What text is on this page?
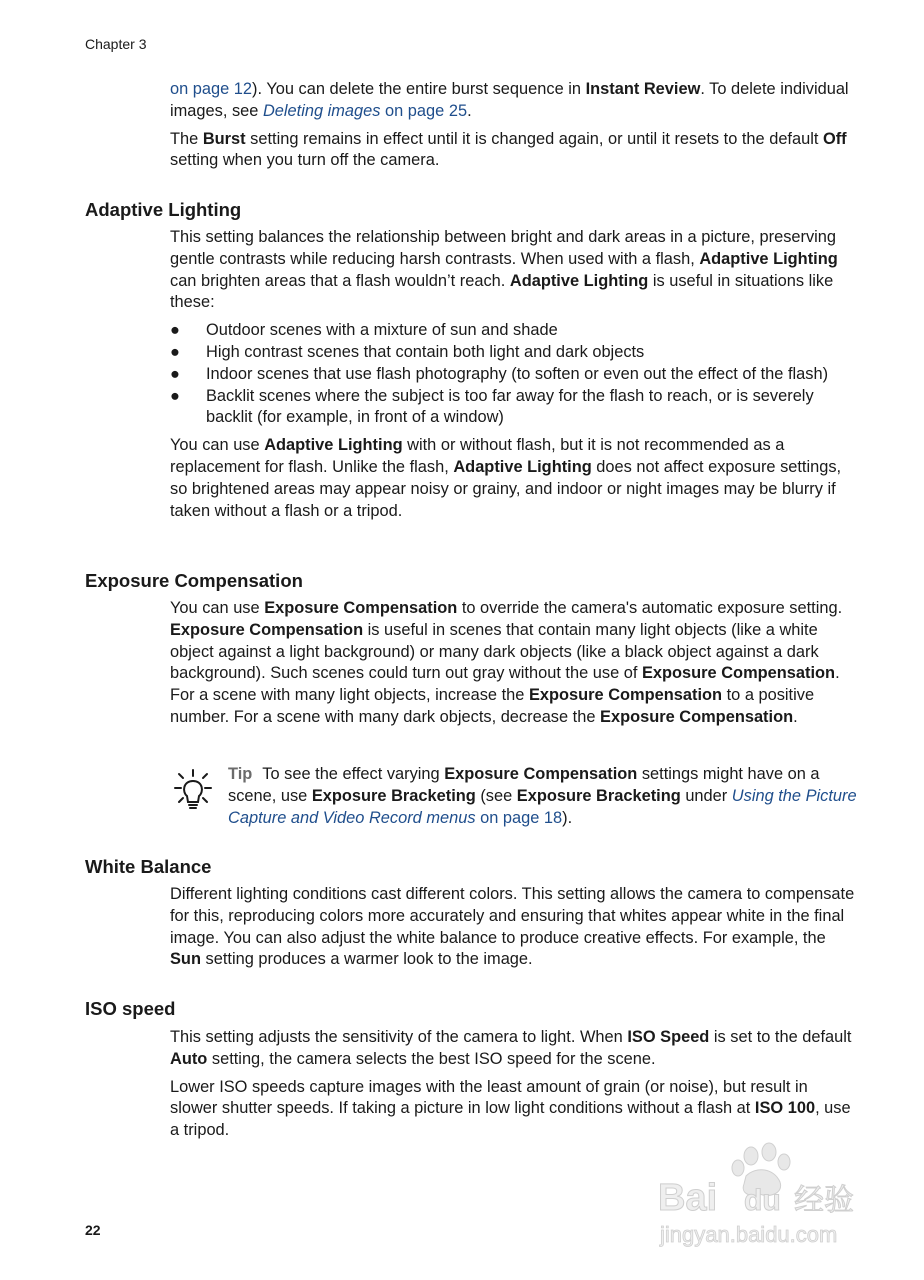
Chapter 3

on page 12). You can delete the entire burst sequence in Instant Review. To delete individual images, see Deleting images on page 25.

The Burst setting remains in effect until it is changed again, or until it resets to the default Off setting when you turn off the camera.

Adaptive Lighting

This setting balances the relationship between bright and dark areas in a picture, preserving gentle contrasts while reducing harsh contrasts. When used with a flash, Adaptive Lighting can brighten areas that a flash wouldn’t reach. Adaptive Lighting is useful in situations like these:

● Outdoor scenes with a mixture of sun and shade
● High contrast scenes that contain both light and dark objects
● Indoor scenes that use flash photography (to soften or even out the effect of the flash)
● Backlit scenes where the subject is too far away for the flash to reach, or is severely backlit (for example, in front of a window)

You can use Adaptive Lighting with or without flash, but it is not recommended as a replacement for flash. Unlike the flash, Adaptive Lighting does not affect exposure settings, so brightened areas may appear noisy or grainy, and indoor or night images may be blurry if taken without a flash or a tripod.

Exposure Compensation

You can use Exposure Compensation to override the camera's automatic exposure setting. Exposure Compensation is useful in scenes that contain many light objects (like a white object against a light background) or many dark objects (like a black object against a dark background). Such scenes could turn out gray without the use of Exposure Compensation. For a scene with many light objects, increase the Exposure Compensation to a positive number. For a scene with many dark objects, decrease the Exposure Compensation.

Tip To see the effect varying Exposure Compensation settings might have on a scene, use Exposure Bracketing (see Exposure Bracketing under Using the Picture Capture and Video Record menus on page 18).

White Balance

Different lighting conditions cast different colors. This setting allows the camera to compensate for this, reproducing colors more accurately and ensuring that whites appear white in the final image. You can also adjust the white balance to produce creative effects. For example, the Sun setting produces a warmer look to the image.

ISO speed

This setting adjusts the sensitivity of the camera to light. When ISO Speed is set to the default Auto setting, the camera selects the best ISO speed for the scene.

Lower ISO speeds capture images with the least amount of grain (or noise), but result in slower shutter speeds. If taking a picture in low light conditions without a flash at ISO 100, use a tripod.

22
Bai du 经验
jingyan.baidu.com
